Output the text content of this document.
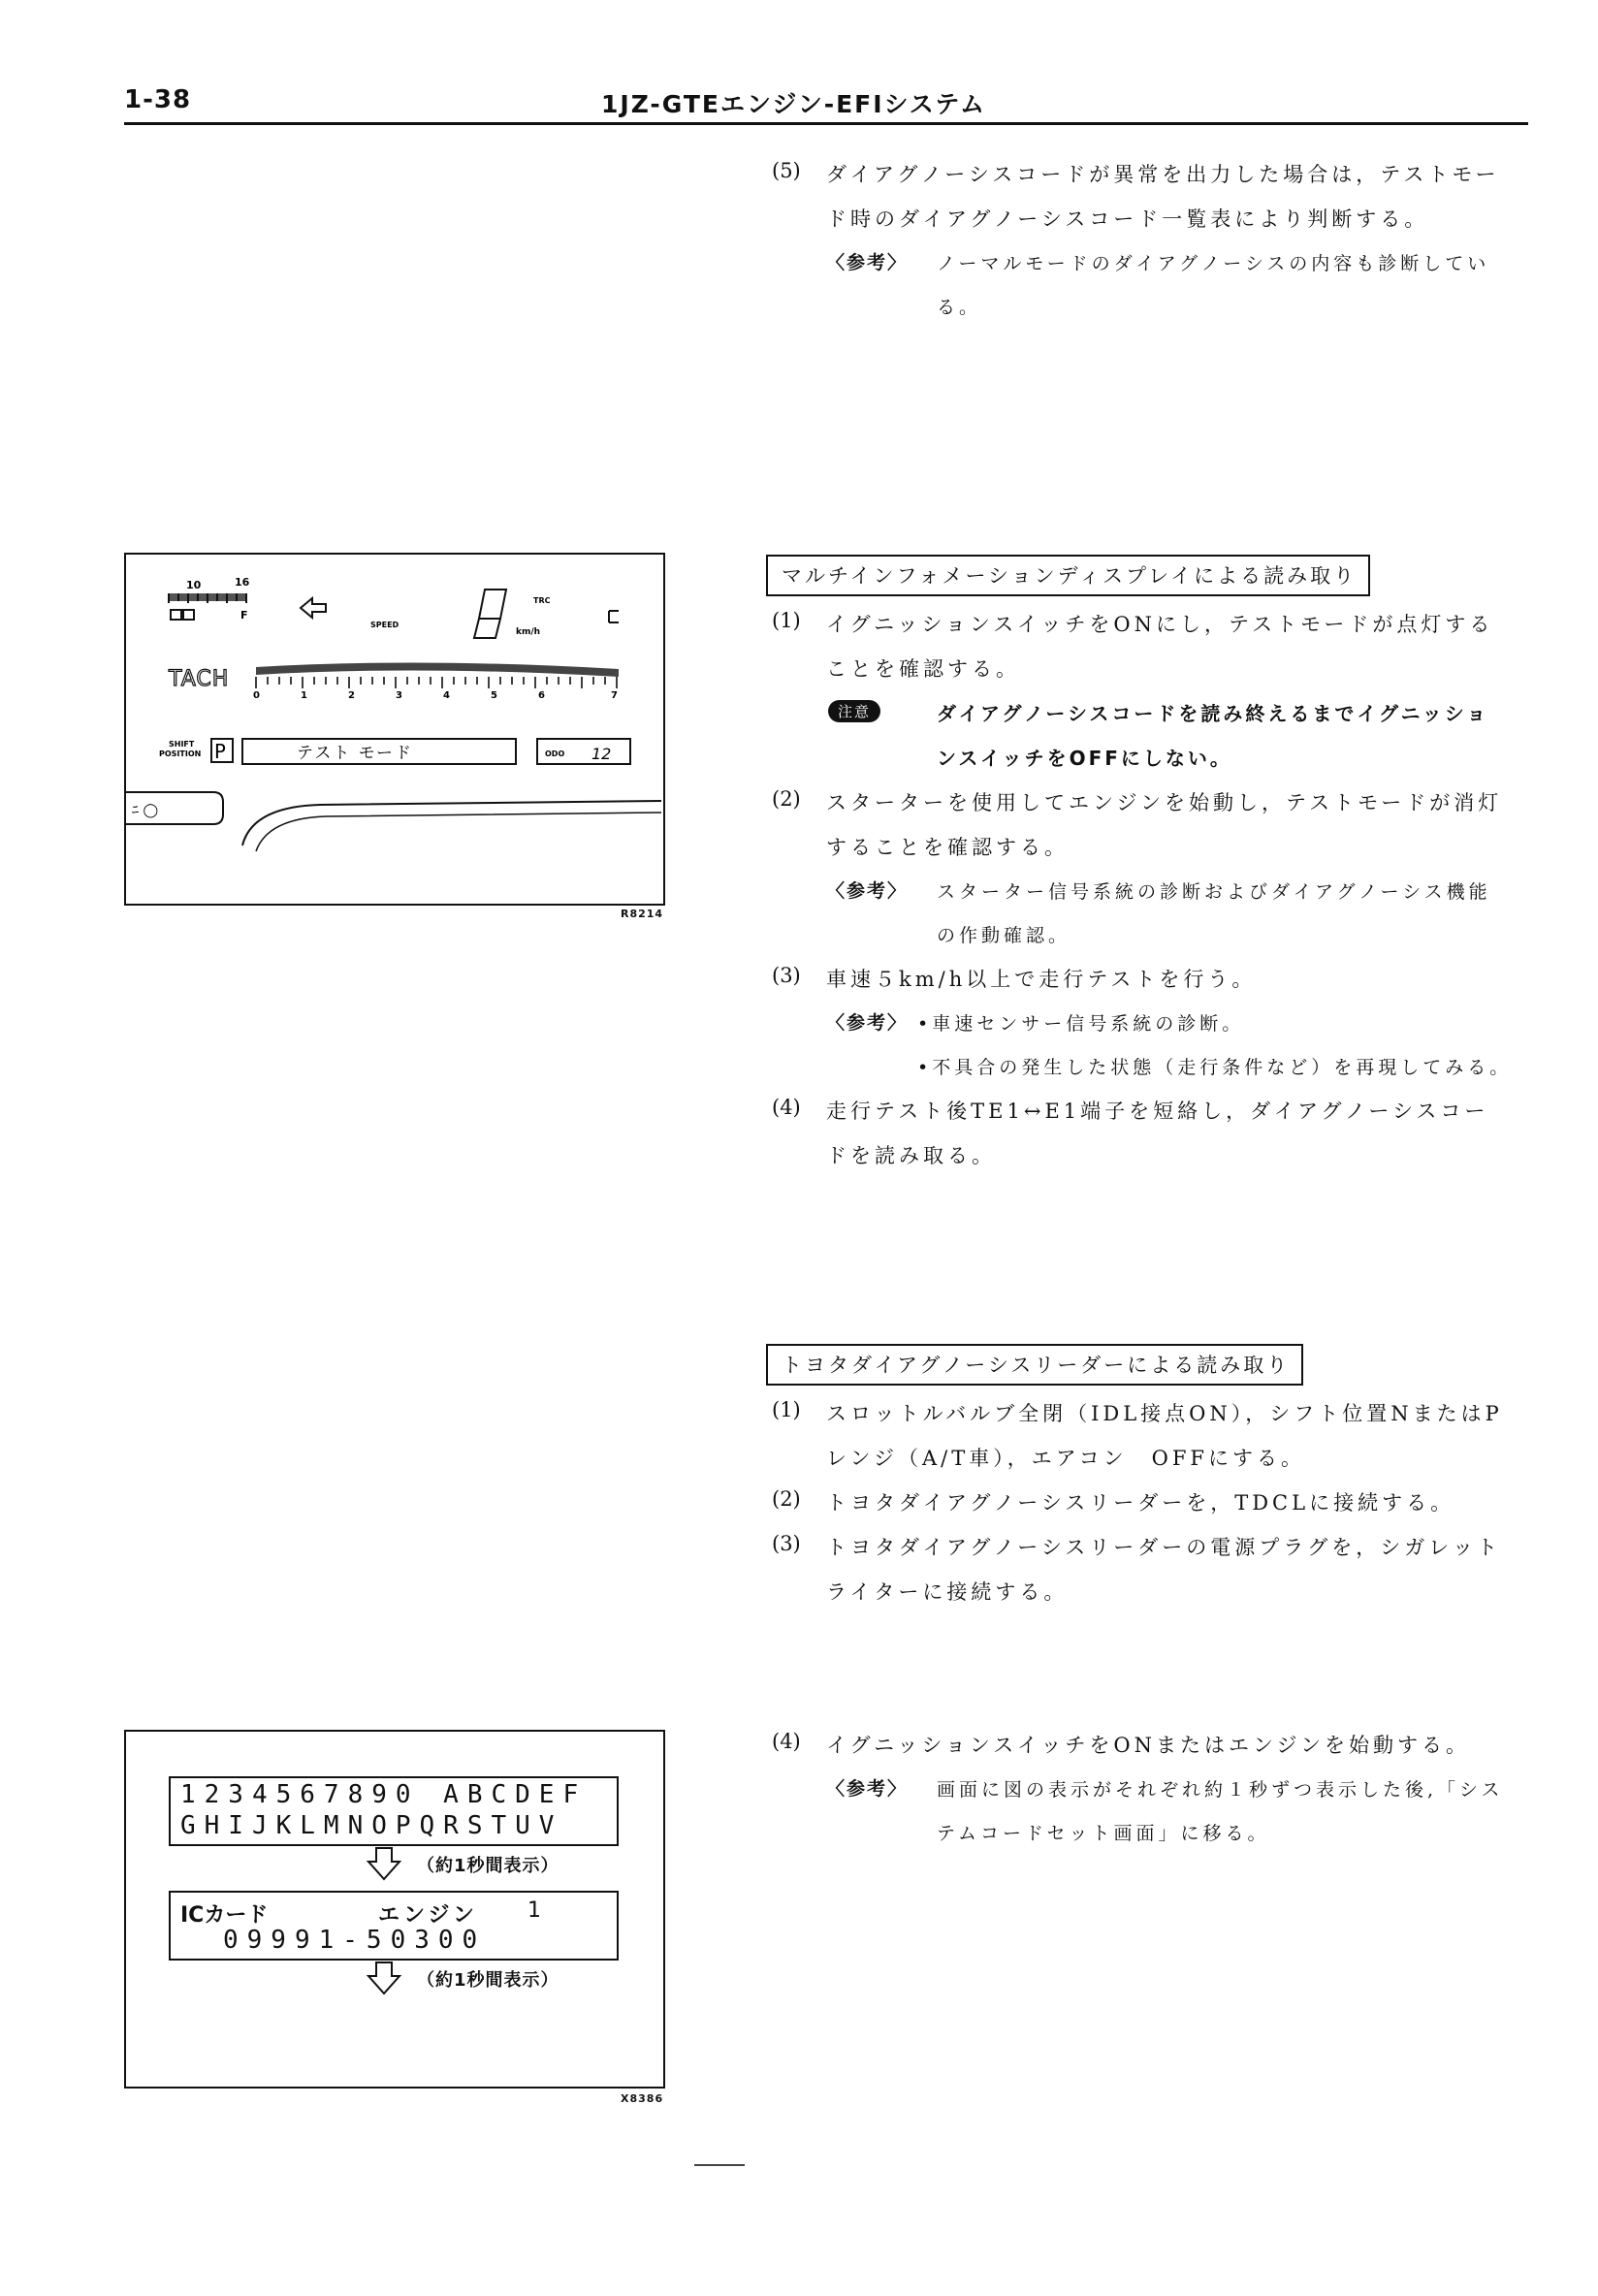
1-38	1JZ-GTEエンジン-EFIシステム
(5) ダイアグノーシスコードが異常を出力した場合は，テストモー
ド時のダイアグノーシスコード一覧表により判断する。
〈参考〉 ノーマルモードのダイアグノーシスの内容も診断してい
る。
10	16
F
SPEED
TRC
km/h
TACH
0	1	2	3	4	5	6	7
SHIFT
POSITION P	テスト モード	ODO 12
ﾆ ◯
R8214
マルチインフォメーションディスプレイによる読み取り
(1) イグニッションスイッチをONにし，テストモードが点灯する
ことを確認する。
注意	ダイアグノーシスコードを読み終えるまでイグニッショ
ンスイッチをOFFにしない。
(2) スターターを使用してエンジンを始動し，テストモードが消灯
することを確認する。
〈参考〉 スターター信号系統の診断およびダイアグノーシス機能
の作動確認。
(3) 車速５km/h以上で走行テストを行う。
〈参考〉 •車速センサー信号系統の診断。
•不具合の発生した状態（走行条件など）を再現してみる。
(4) 走行テスト後TE1↔E1端子を短絡し，ダイアグノーシスコー
ドを読み取る。
トヨタダイアグノーシスリーダーによる読み取り
(1) スロットルバルブ全閉（IDL接点ON），シフト位置NまたはP
レンジ（A/T車），エアコン　OFFにする。
(2) トヨタダイアグノーシスリーダーを，TDCLに接続する。
(3) トヨタダイアグノーシスリーダーの電源プラグを，シガレット
ライターに接続する。
(4) イグニッションスイッチをONまたはエンジンを始動する。
〈参考〉 画面に図の表示がそれぞれ約１秒ずつ表示した後,「シス
テムコードセット画面」に移る。
1234567890 ABCDEF
GHIJKLMNOPQRSTUV
（約1秒間表示）
ICカード	エンジン 1
09991-50300
（約1秒間表示）
X8386
